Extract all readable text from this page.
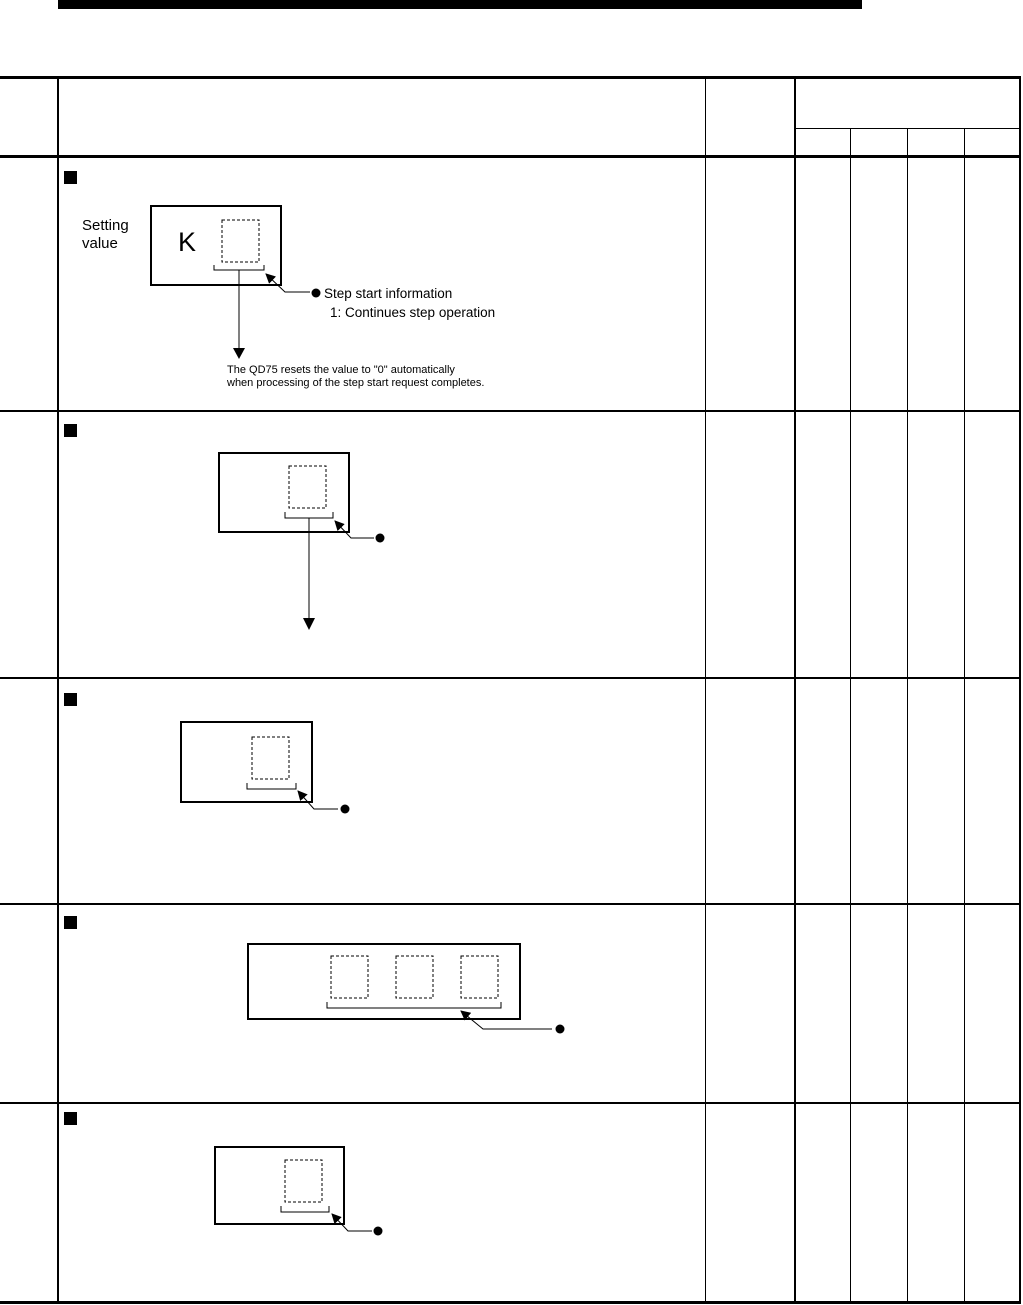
Setting
value	K
Step start information
1: Continues step operation
The QD75 resets the value to "0" automatically
when processing of the step start request completes.
